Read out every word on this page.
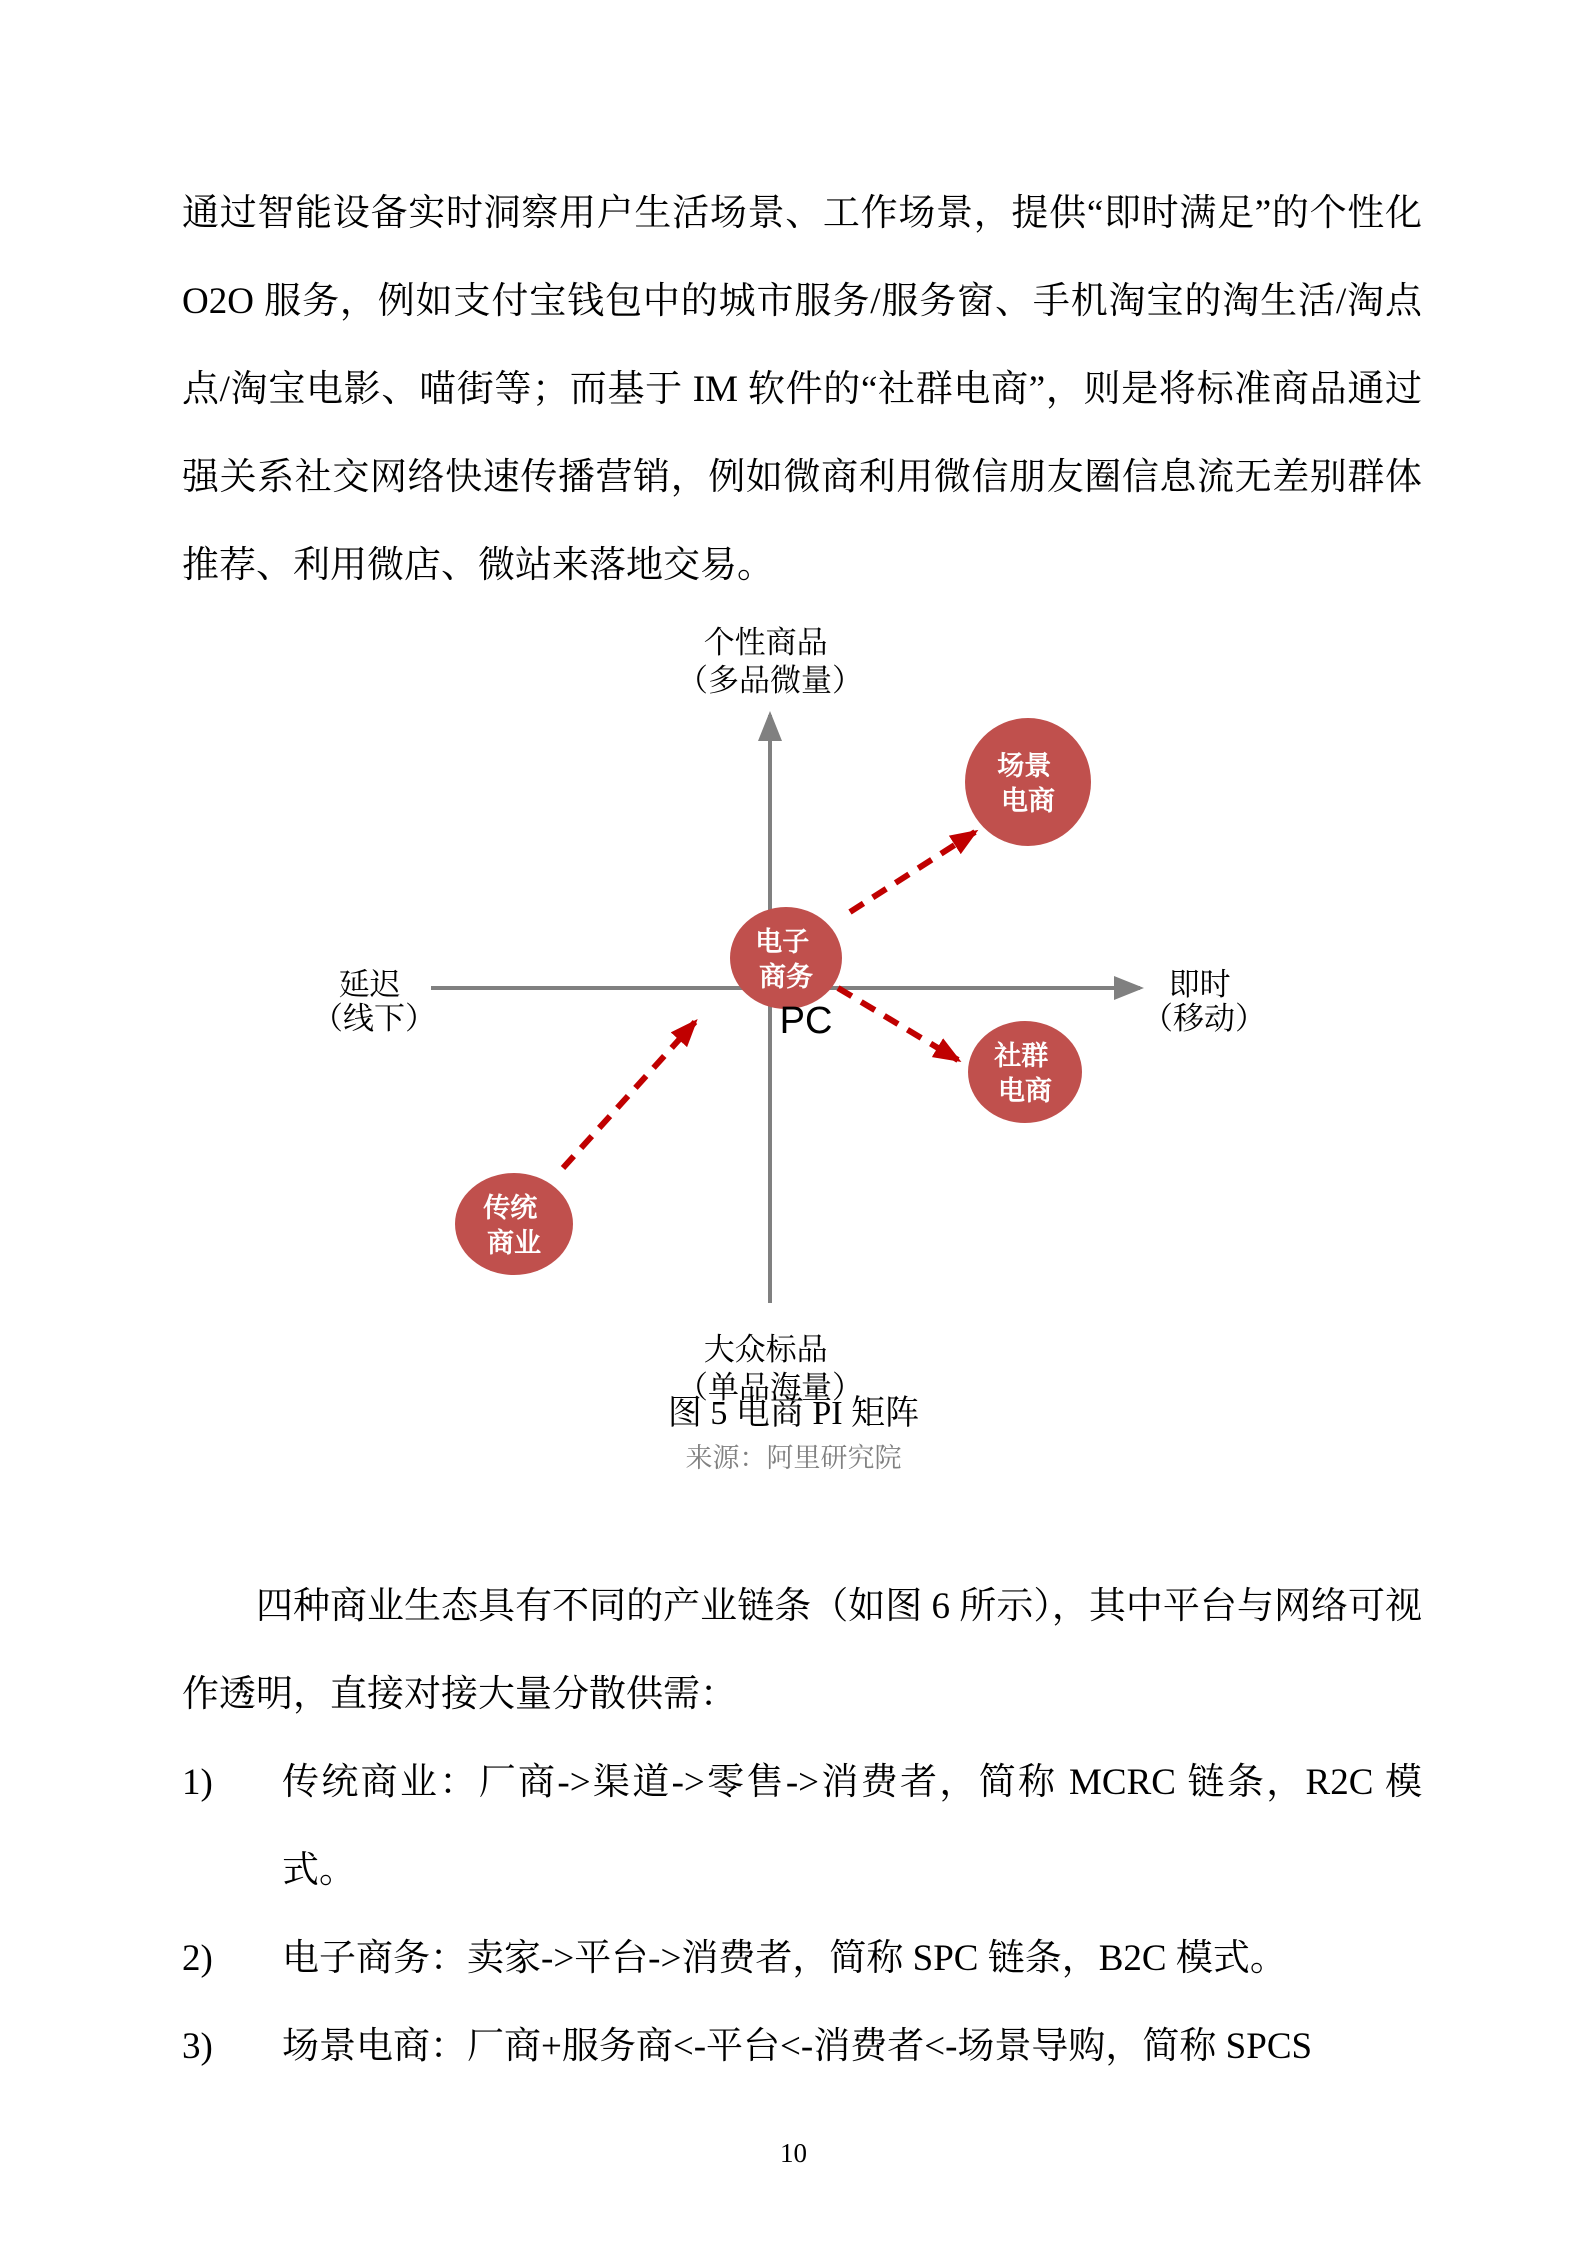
通过智能设备实时洞察用户生活场景、工作场景，提供“即时满足”的个性化 O2O 服务，例如支付宝钱包中的城市服务/服务窗、手机淘宝的淘生活/淘点点/淘宝电影、喵街等；而基于 IM 软件的“社群电商”，则是将标准商品通过强关系社交网络快速传播营销，例如微商利用微信朋友圈信息流无差别群体推荐、利用微店、微站来落地交易。

个性商品 （多品微量）
大众标品 （单品海量）
延迟 （线下）
即时 （移动）
场景 电商
电子 商务
社群 电商
传统 商业
PC
图 5 电商 PI 矩阵
来源：阿里研究院

四种商业生态具有不同的产业链条（如图 6 所示），其中平台与网络可视作透明，直接对接大量分散供需：

1)	传统商业：厂商->渠道->零售->消费者，简称 MCRC 链条，R2C 模式。
2)	电子商务：卖家->平台->消费者，简称 SPC 链条，B2C 模式。
3)	场景电商：厂商+服务商<-平台<-消费者<-场景导购，简称 SPCS
10
